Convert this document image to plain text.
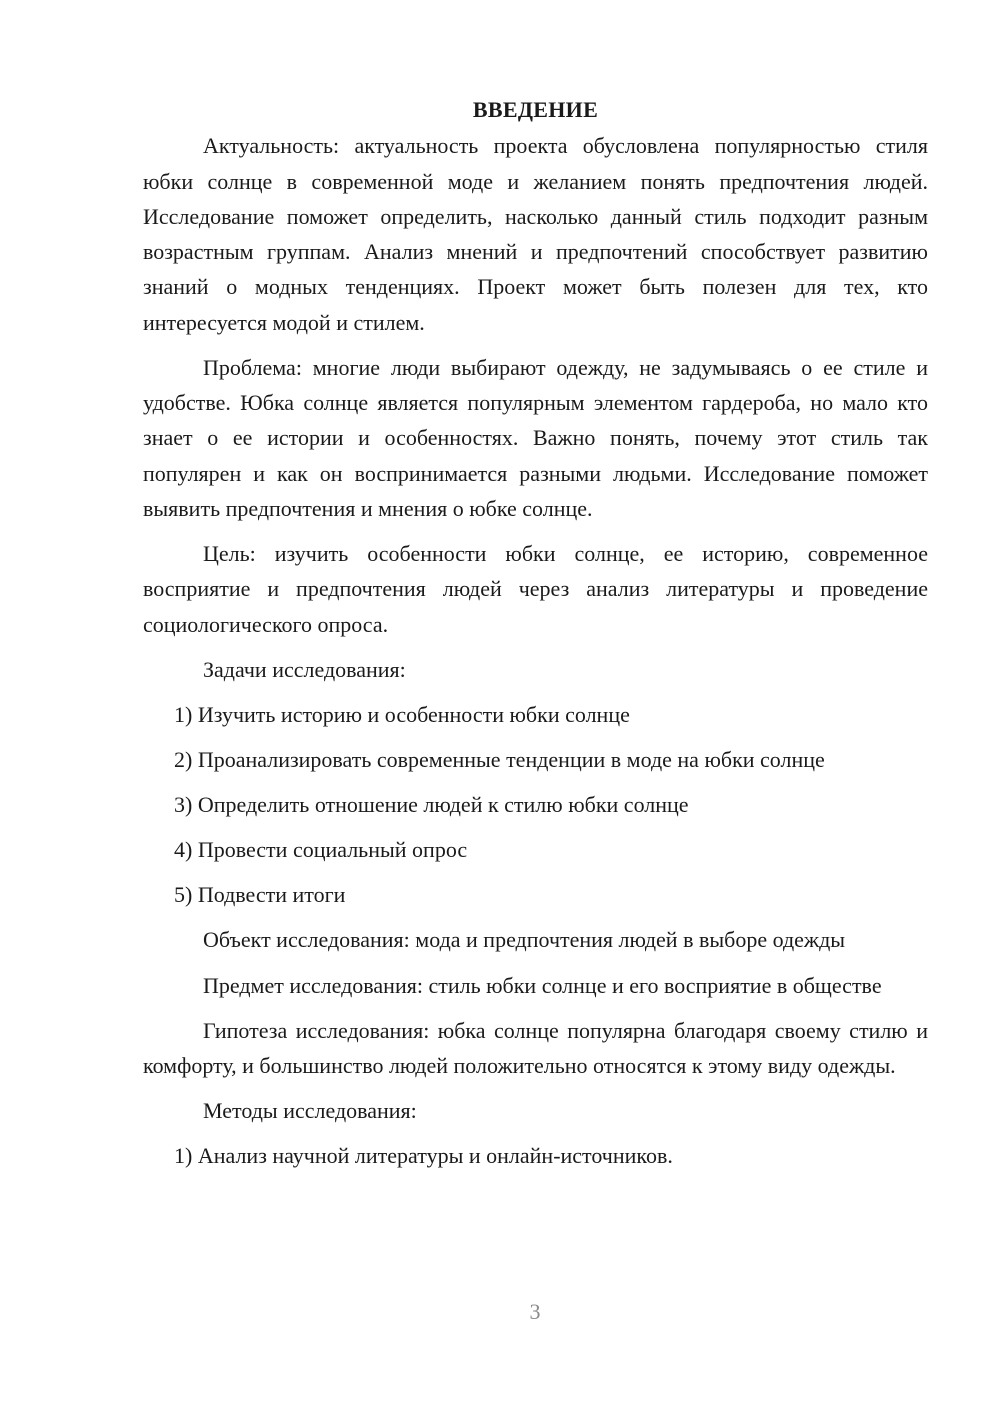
ВВЕДЕНИЕ

Актуальность: актуальность проекта обусловлена популярностью стиля юбки солнце в современной моде и желанием понять предпочтения людей. Исследование поможет определить, насколько данный стиль подходит разным возрастным группам. Анализ мнений и предпочтений способствует развитию знаний о модных тенденциях. Проект может быть полезен для тех, кто интересуется модой и стилем.

Проблема: многие люди выбирают одежду, не задумываясь о ее стиле и удобстве. Юбка солнце является популярным элементом гардероба, но мало кто знает о ее истории и особенностях. Важно понять, почему этот стиль так популярен и как он воспринимается разными людьми. Исследование поможет выявить предпочтения и мнения о юбке солнце.

Цель: изучить особенности юбки солнце, ее историю, современное восприятие и предпочтения людей через анализ литературы и проведение социологического опроса.

Задачи исследования:
1) Изучить историю и особенности юбки солнце
2) Проанализировать современные тенденции в моде на юбки солнце
3) Определить отношение людей к стилю юбки солнце
4) Провести социальный опрос
5) Подвести итоги

Объект исследования: мода и предпочтения людей в выборе одежды

Предмет исследования: стиль юбки солнце и его восприятие в обществе

Гипотеза исследования: юбка солнце популярна благодаря своему стилю и комфорту, и большинство людей положительно относятся к этому виду одежды.

Методы исследования:
1) Анализ научной литературы и онлайн-источников.
3
